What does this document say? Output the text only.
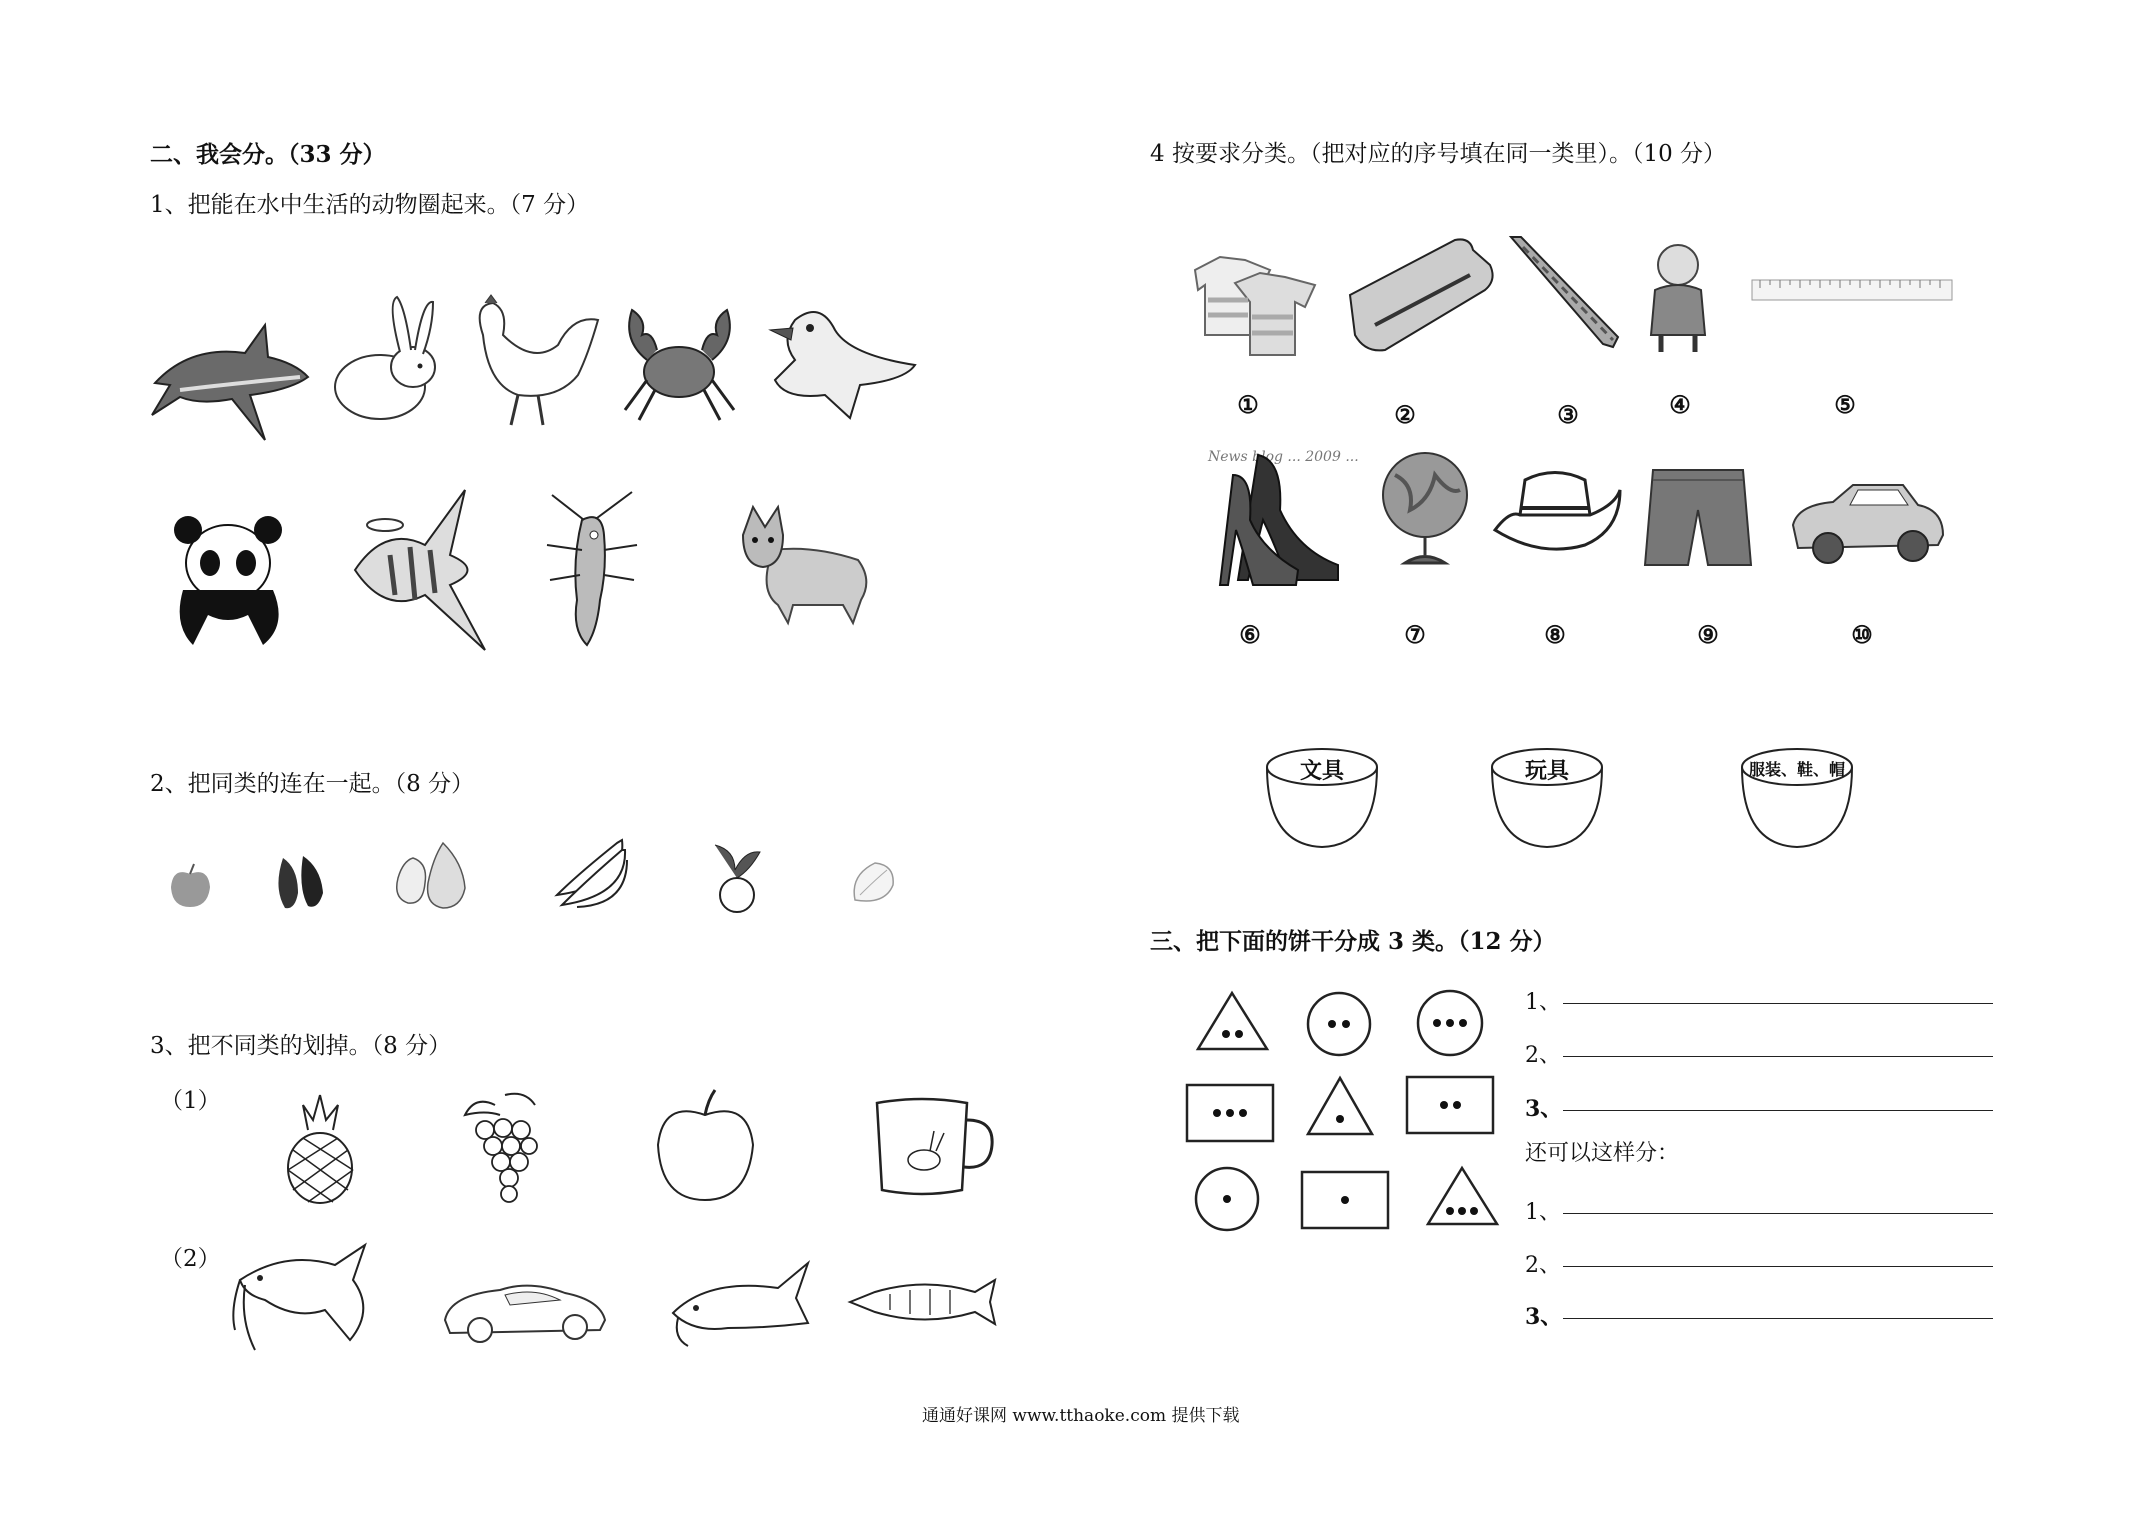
二、我会分。（33 分）
1、把能在水中生活的动物圈起来。（7 分）
2、把同类的连在一起。（8 分）
3、把不同类的划掉。（8 分）
（1）
（2）
4 按要求分类。（把对应的序号填在同一类里）。（10 分）
①	②	③	④	⑤
News blog ... 2009 ...
⑥	⑦	⑧	⑨	⑩
文具	玩具	服装、鞋、帽
三、把下面的饼干分成 3 类。（12 分）
1、
2、
3、
还可以这样分：
1、
2、
3、
通通好课网 www.tthaoke.com 提供下载
